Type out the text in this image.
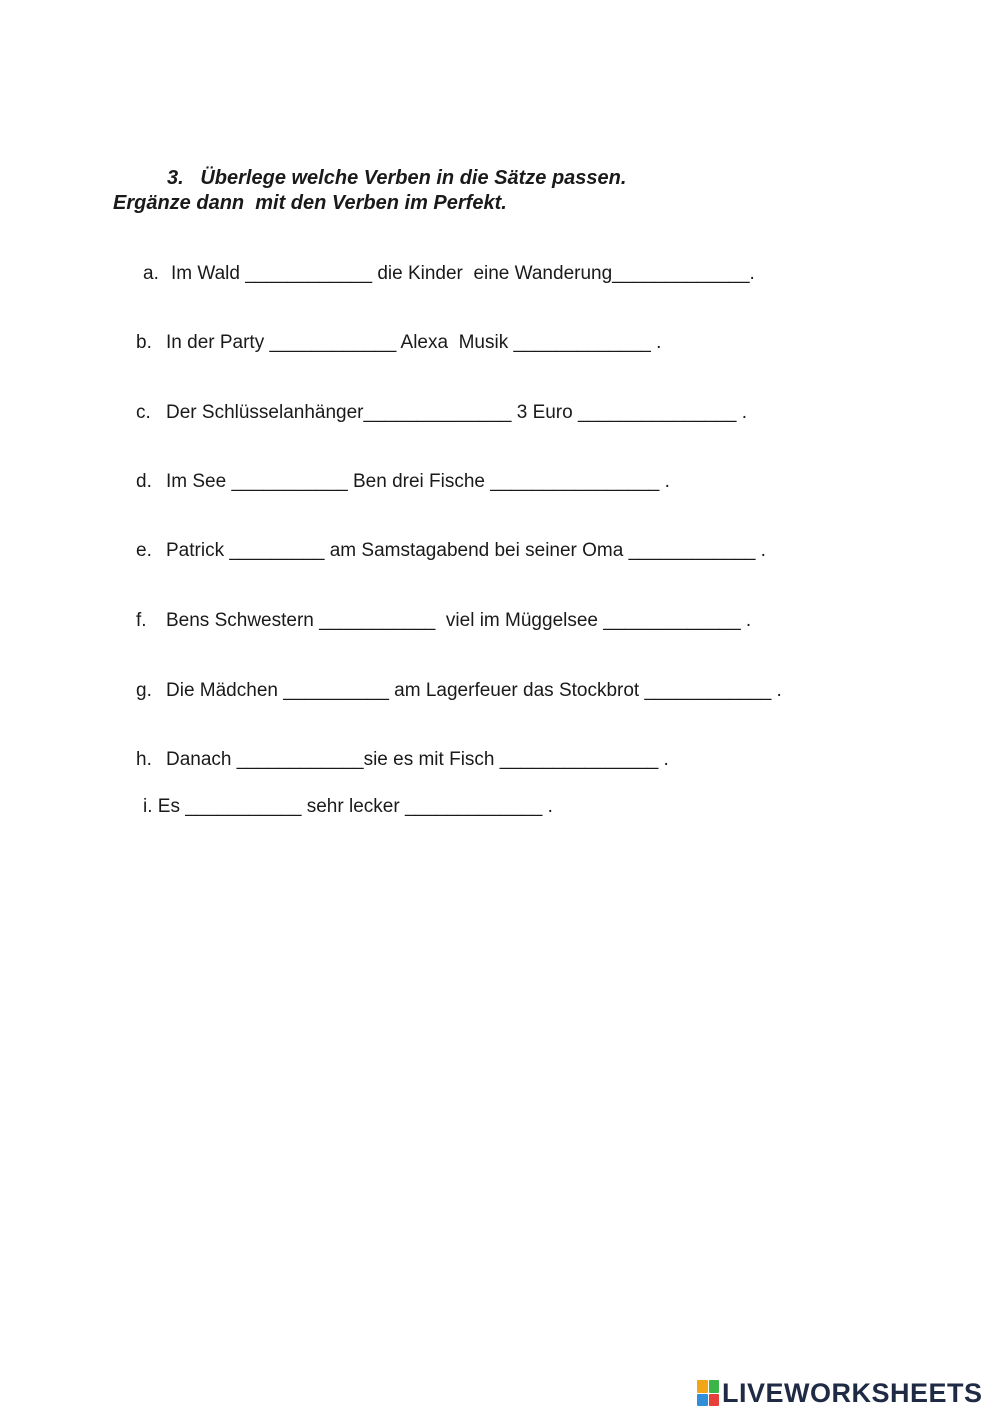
3.   Überlege welche Verben in die Sätze passen.
Ergänze dann  mit den Verben im Perfekt.
a. Im Wald ____________ die Kinder  eine Wanderung_____________.
b. In der Party ____________ Alexa  Musik _____________ .
c. Der Schlüsselanhänger______________ 3 Euro _______________ .
d. Im See ___________ Ben drei Fische ________________ .
e. Patrick _________ am Samstagabend bei seiner Oma ____________ .
f. Bens Schwestern ___________  viel im Müggelsee _____________ .
g. Die Mädchen __________ am Lagerfeuer das Stockbrot ____________ .
h. Danach ____________sie es mit Fisch _______________ .
i. Es ___________ sehr lecker _____________ .
LIVEWORKSHEETS
